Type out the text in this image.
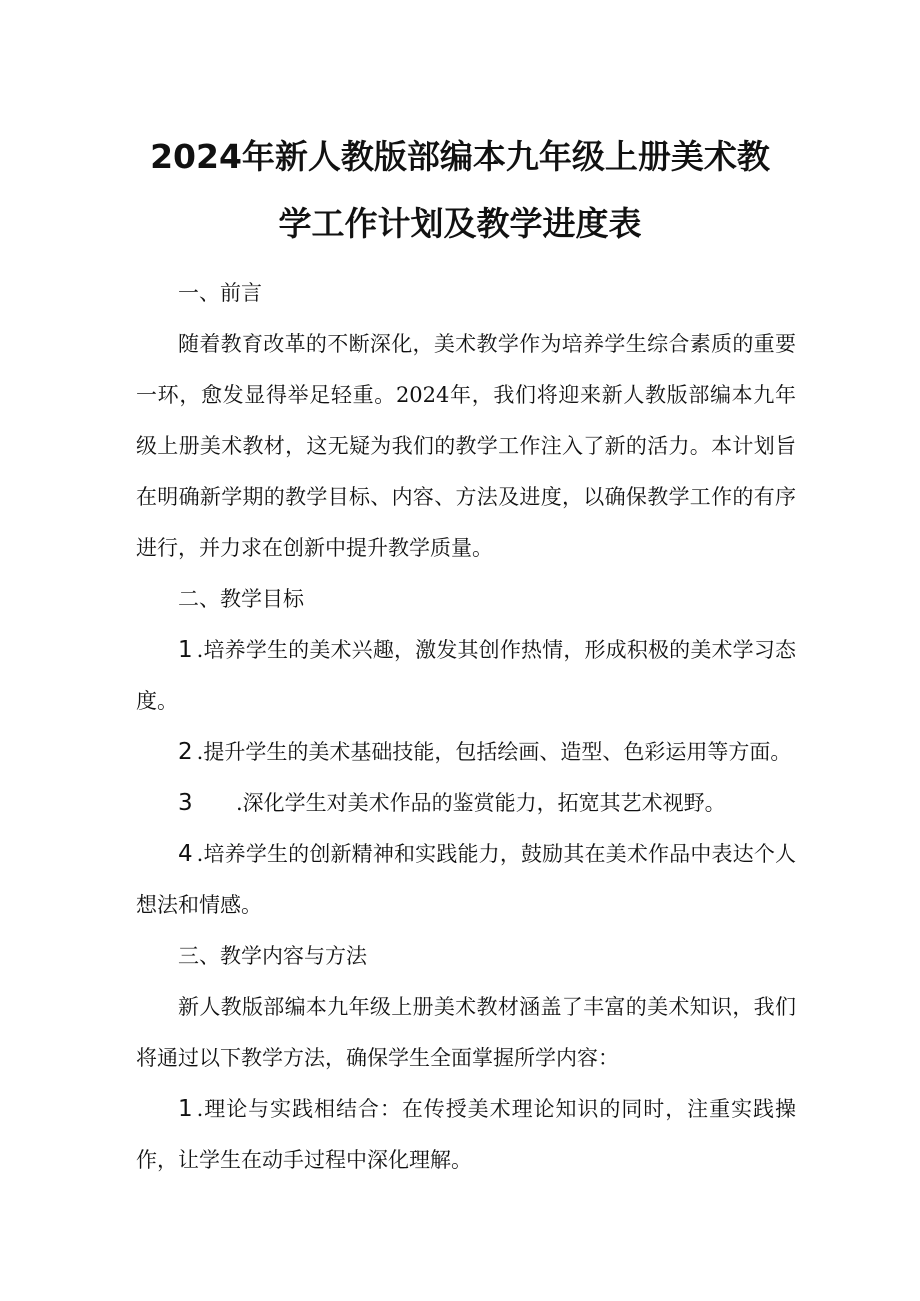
2024年新人教版部编本九年级上册美术教
学工作计划及教学进度表

一、前言

随着教育改革的不断深化，美术教学作为培养学生综合素质的重要一环，愈发显得举足轻重。2024年，我们将迎来新人教版部编本九年级上册美术教材，这无疑为我们的教学工作注入了新的活力。本计划旨在明确新学期的教学目标、内容、方法及进度，以确保教学工作的有序进行，并力求在创新中提升教学质量。

二、教学目标

1.培养学生的美术兴趣，激发其创作热情，形成积极的美术学习态度。

2.提升学生的美术基础技能，包括绘画、造型、色彩运用等方面。

3 .深化学生对美术作品的鉴赏能力，拓宽其艺术视野。

4.培养学生的创新精神和实践能力，鼓励其在美术作品中表达个人想法和情感。

三、教学内容与方法

新人教版部编本九年级上册美术教材涵盖了丰富的美术知识，我们将通过以下教学方法，确保学生全面掌握所学内容：

1.理论与实践相结合：在传授美术理论知识的同时，注重实践操作，让学生在动手过程中深化理解。
